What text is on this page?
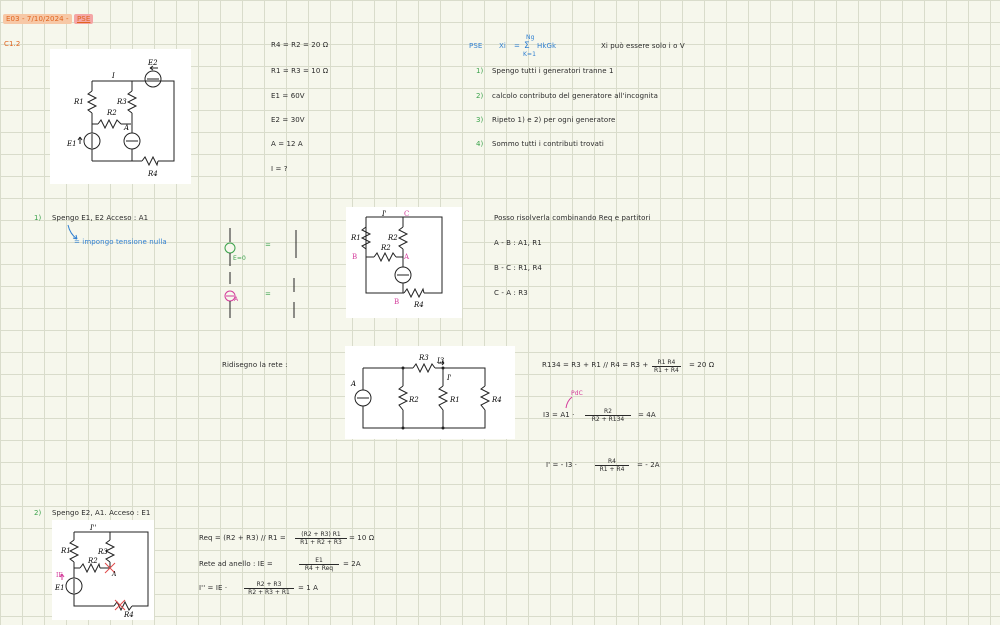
E03 - 7/10/2024 - PSE
C1.2
R1	R3
R2
E2
E1
A
I
R4
R4 = R2 = 20 Ω
R1 = R3 = 10 Ω
E1 = 60V
E2 = 30V
A = 12 A
I = ?
PSE Xi =
Ng
Σ
K=1
HkGk	Xi può essere solo i o V
1) Spengo tutti i generatori tranne 1
2) calcolo contributo del generatore all'incognita
3) Ripeto 1) e 2) per ogni generatore
4) Sommo tutti i contributi trovati
1) Spengo E1, E2 Acceso : A1
= impongo tensione nulla
E=0
A
=
=
R1	R2
R2
I' C
B	A
B R4
Posso risolverla combinando Req e partitori
A - B : A1, R1
B - C : R1, R4
C - A : R3
Ridisegno la rete :
R3 I3
I'
A
R2	R1	R4
$R134 = R3 + R1 // R4 = R3 + \frac{R1 R4}{R1 + R4} = 20$ Ω
PdC
$I3 = A1 \cdot \frac{R2}{R2 + R134} = 4A$
I' = - I3 ·	$\frac{R4}{R1 + R4}$ = - 2A
2) Spengo E2, A1. Acceso : E1
I''
R1	R3
R2
E1
IE	A
R4
Req = $(R2 + R3) // R1 = \frac{(R2 + R3) R1}{R1 + R2 + R3} = 10$ Ω
Rete ad anello : IE =	E1
R4 + Req
= 2A
I'' = IE ·	$\frac{R2 + R3}{R2 + R3 + R1} = 1$ A
